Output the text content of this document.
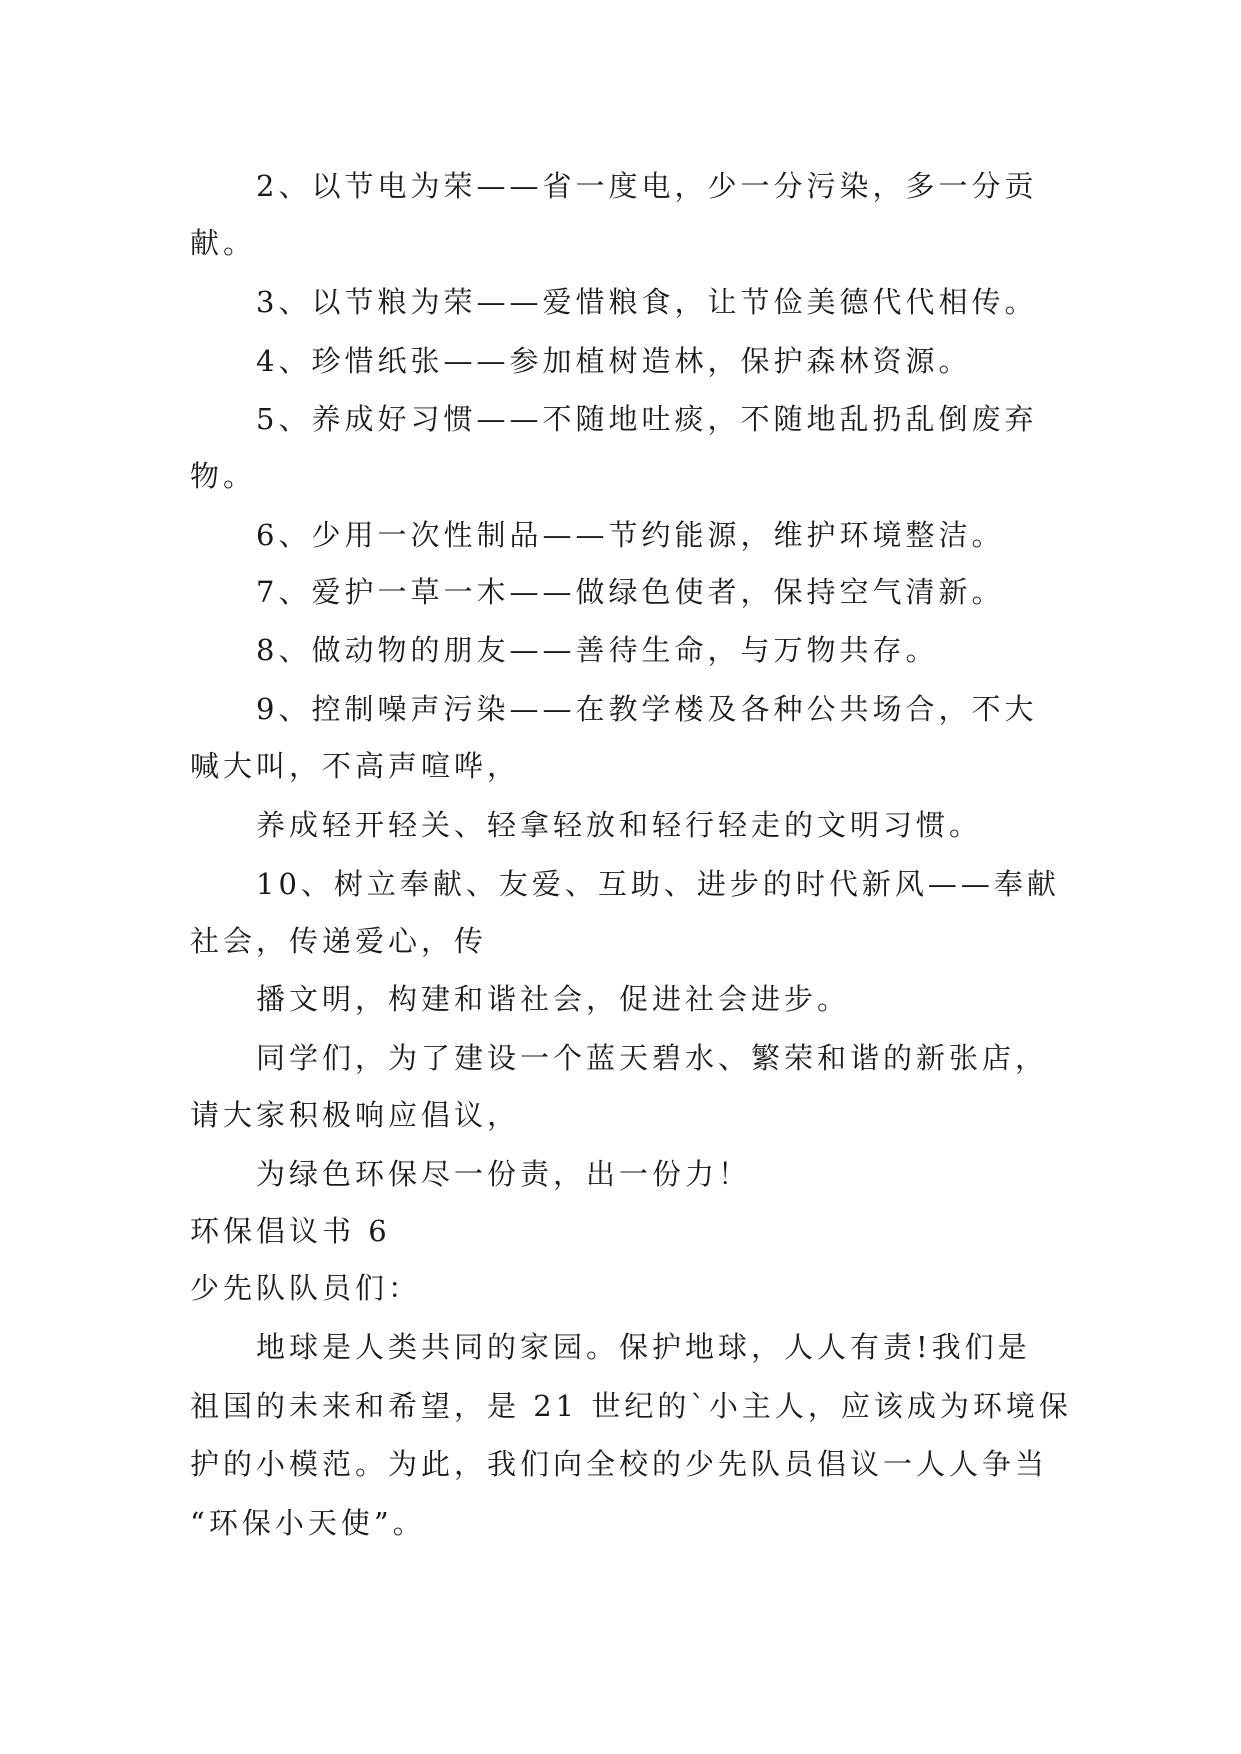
2、以节电为荣——省一度电，少一分污染，多一分贡

献。

3、以节粮为荣——爱惜粮食，让节俭美德代代相传。

4、珍惜纸张——参加植树造林，保护森林资源。

5、养成好习惯——不随地吐痰，不随地乱扔乱倒废弃

物。

6、少用一次性制品——节约能源，维护环境整洁。

7、爱护一草一木——做绿色使者，保持空气清新。

8、做动物的朋友——善待生命，与万物共存。

9、控制噪声污染——在教学楼及各种公共场合，不大

喊大叫，不高声喧哗，

养成轻开轻关、轻拿轻放和轻行轻走的文明习惯。

10、树立奉献、友爱、互助、进步的时代新风——奉献

社会，传递爱心，传

播文明，构建和谐社会，促进社会进步。

同学们，为了建设一个蓝天碧水、繁荣和谐的新张店，

请大家积极响应倡议，

为绿色环保尽一份责，出一份力！

环保倡议书 6

少先队队员们：

地球是人类共同的家园。保护地球，人人有责!我们是

祖国的未来和希望，是 21 世纪的`小主人，应该成为环境保

护的小模范。为此，我们向全校的少先队员倡议一人人争当

“环保小天使”。
